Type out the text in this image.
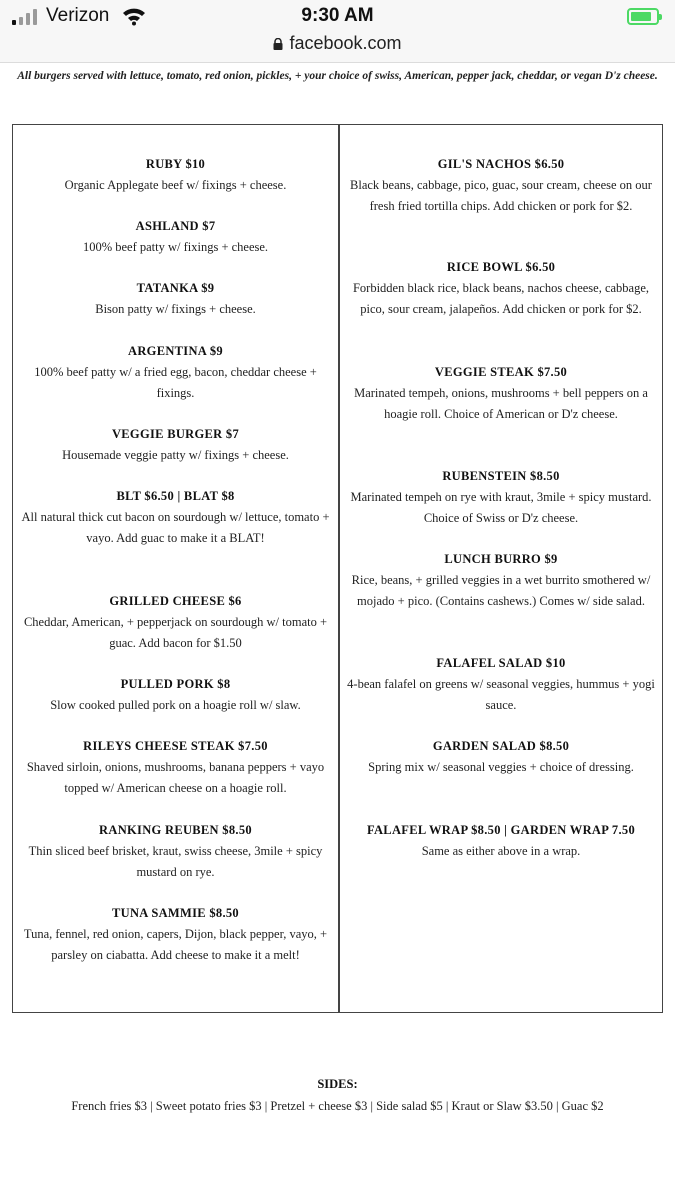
Verizon	9:30 AM
facebook.com
All burgers served with lettuce, tomato, red onion, pickles, + your choice of swiss, American, pepper jack, cheddar, or vegan D'z cheese.
RUBY $10
Organic Applegate beef w/ fixings + cheese.
ASHLAND $7
100% beef patty w/ fixings + cheese.
TATANKA $9
Bison patty w/ fixings + cheese.
ARGENTINA $9
100% beef patty w/ a fried egg, bacon, cheddar cheese + fixings.
VEGGIE BURGER $7
Housemade veggie patty w/ fixings + cheese.
BLT $6.50 | BLAT $8
All natural thick cut bacon on sourdough w/ lettuce, tomato + vayo. Add guac to make it a BLAT!
GRILLED CHEESE $6
Cheddar, American, + pepperjack on sourdough w/ tomato + guac. Add bacon for $1.50
PULLED PORK $8
Slow cooked pulled pork on a hoagie roll w/ slaw.
RILEYS CHEESE STEAK $7.50
Shaved sirloin, onions, mushrooms, banana peppers + vayo topped w/ American cheese on a hoagie roll.
RANKING REUBEN $8.50
Thin sliced beef brisket, kraut, swiss cheese, 3mile + spicy mustard on rye.
TUNA SAMMIE $8.50
Tuna, fennel, red onion, capers, Dijon, black pepper, vayo, + parsley on ciabatta. Add cheese to make it a melt!
GIL'S NACHOS $6.50
Black beans, cabbage, pico, guac, sour cream, cheese on our fresh fried tortilla chips. Add chicken or pork for $2.
RICE BOWL $6.50
Forbidden black rice, black beans, nachos cheese, cabbage, pico, sour cream, jalapeños. Add chicken or pork for $2.
VEGGIE STEAK $7.50
Marinated tempeh, onions, mushrooms + bell peppers on a hoagie roll. Choice of American or D'z cheese.
RUBENSTEIN $8.50
Marinated tempeh on rye with kraut, 3mile + spicy mustard. Choice of Swiss or D'z cheese.
LUNCH BURRO $9
Rice, beans, + grilled veggies in a wet burrito smothered w/ mojado + pico. (Contains cashews.) Comes w/ side salad.
FALAFEL SALAD $10
4-bean falafel on greens w/ seasonal veggies, hummus + yogi sauce.
GARDEN SALAD $8.50
Spring mix w/ seasonal veggies + choice of dressing.
FALAFEL WRAP $8.50 | GARDEN WRAP 7.50
Same as either above in a wrap.
SIDES:
French fries $3 | Sweet potato fries $3 | Pretzel + cheese $3 | Side salad $5 | Kraut or Slaw $3.50 | Guac $2
